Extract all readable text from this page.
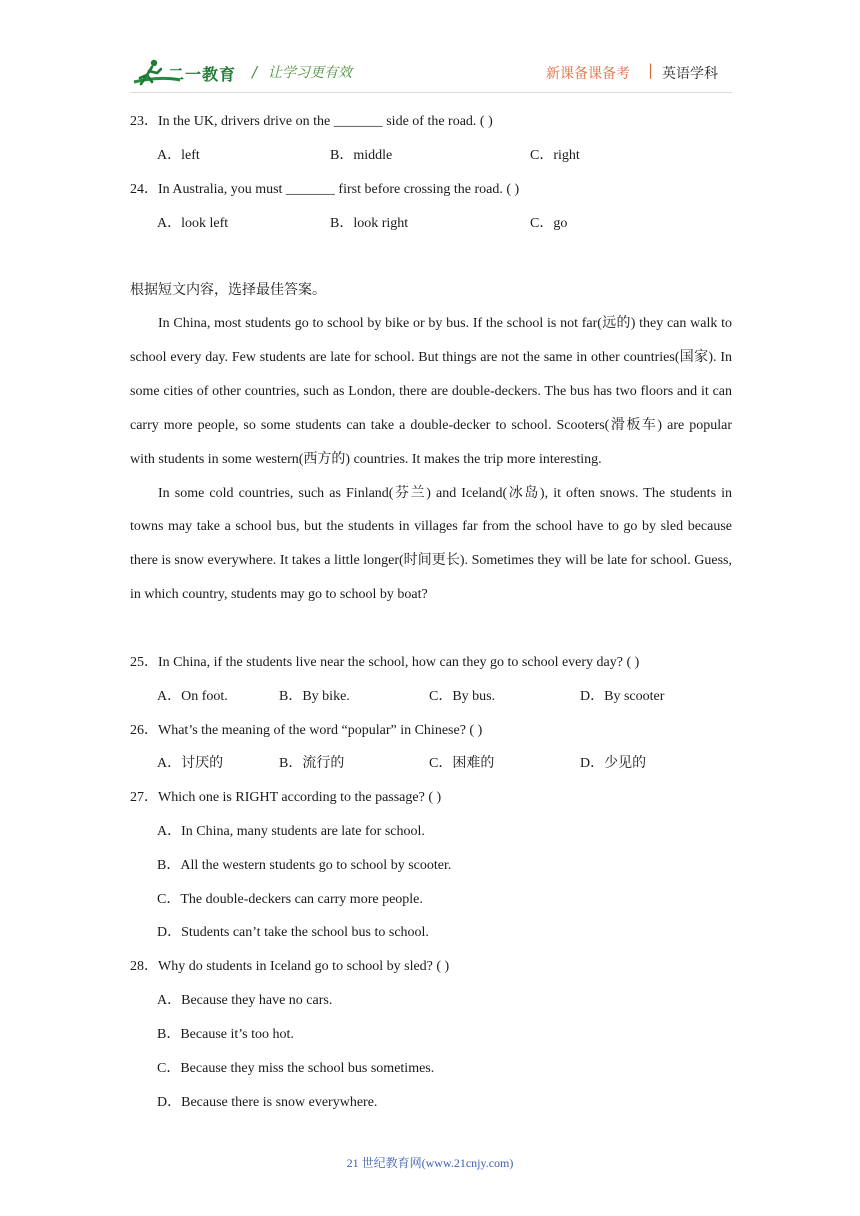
二一教育 / 让学习更有效	新课备课备考 | 英语学科
23．In the UK, drivers drive on the _______ side of the road. ( )
A．left	B．middle	C．right
24．In Australia, you must _______ first before crossing the road. ( )
A．look left	B．look right	C．go
根据短文内容，选择最佳答案。

In China, most students go to school by bike or by bus. If the school is not far(远的) they can walk to school every day. Few students are late for school. But things are not the same in other countries(国家). In some cities of other countries, such as London, there are double-deckers. The bus has two floors and it can carry more people, so some students can take a double-decker to school. Scooters(滑板车) are popular with students in some western(西方的) countries. It makes the trip more interesting.

In some cold countries, such as Finland(芬兰) and Iceland(冰岛), it often snows. The students in towns may take a school bus, but the students in villages far from the school have to go by sled because there is snow everywhere. It takes a little longer(时间更长). Sometimes they will be late for school. Guess, in which country, students may go to school by boat?

25．In China, if the students live near the school, how can they go to school every day? ( )
A．On foot.	B．By bike.	C．By bus.	D．By scooter
26．What’s the meaning of the word “popular” in Chinese? ( )
A．讨厌的	B．流行的	C．困难的	D．少见的
27．Which one is RIGHT according to the passage? ( )
A．In China, many students are late for school.
B．All the western students go to school by scooter.
C．The double-deckers can carry more people.
D．Students can’t take the school bus to school.
28．Why do students in Iceland go to school by sled? ( )
A．Because they have no cars.
B．Because it’s too hot.
C．Because they miss the school bus sometimes.
D．Because there is snow everywhere.
21 世纪教育网(www.21cnjy.com)
